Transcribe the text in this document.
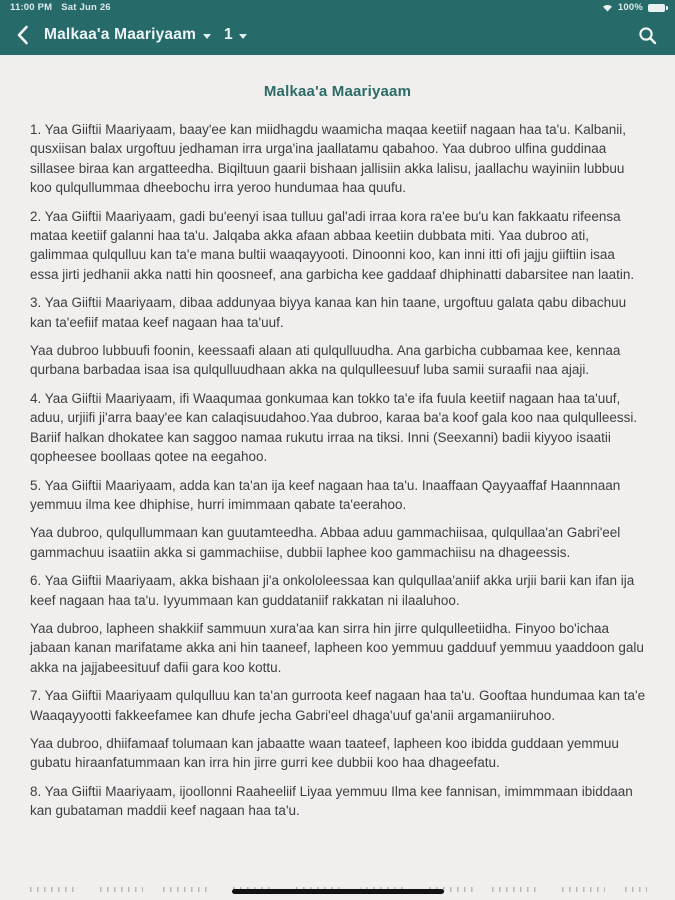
11:00 PM Sat Jun 26	100%
Malkaa'a Maariyaam 1
Malkaa'a Maariyaam

1. Yaa Giiftii Maariyaam, baay'ee kan miidhagdu waamicha maqaa keetiif nagaan haa ta'u. Kalbanii, qusxiisan balax urgoftuu jedhaman irra urga'ina jaallatamu qabahoo. Yaa dubroo ulfina guddinaa sillasee biraa kan argatteedha. Biqiltuun gaarii bishaan jallisiin akka lalisu, jaallachu wayiniin lubbuu koo qulqullummaa dheebochu irra yeroo hundumaa haa quufu.

2. Yaa Giiftii Maariyaam, gadi bu'eenyi isaa tulluu gal'adi irraa kora ra'ee bu'u kan fakkaatu rifeensa mataa keetiif galanni haa ta'u. Jalqaba akka afaan abbaa keetiin dubbata miti. Yaa dubroo ati, galimmaa qulqulluu kan ta'e mana bultii waaqayyooti. Dinoonni koo, kan inni itti ofi jajju giiftiin isaa essa jirti jedhanii akka natti hin qoosneef, ana garbicha kee gaddaaf dhiphinatti dabarsitee nan laatin.

3. Yaa Giiftii Maariyaam, dibaa addunyaa biyya kanaa kan hin taane, urgoftuu galata qabu dibachuu kan ta'eefiif mataa keef nagaan haa ta'uuf.

Yaa dubroo lubbuufi foonin, keessaafi alaan ati qulqulluudha. Ana garbicha cubbamaa kee, kennaa qurbana barbadaa isaa isa qulqulluudhaan akka na qulqulleesuuf luba samii suraafii naa ajaji.

4. Yaa Giiftii Maariyaam, ifi Waaqumaa gonkumaa kan tokko ta'e ifa fuula keetiif nagaan haa ta'uuf, aduu, urjiifi ji'arra baay'ee kan calaqisuudahoo.Yaa dubroo, karaa ba'a koof gala koo naa qulqulleessi. Bariif halkan dhokatee kan saggoo namaa rukutu irraa na tiksi. Inni (Seexanni) badii kiyyoo isaatii qopheesee boollaas qotee na eegahoo.

5. Yaa Giiftii Maariyaam, adda kan ta'an ija keef nagaan haa ta'u. Inaaffaan Qayyaaffaf Haannnaan yemmuu ilma kee dhiphise, hurri imimmaan qabate ta'eerahoo.

Yaa dubroo, qulqullummaan kan guutamteedha. Abbaa aduu gammachiisaa, qulqullaa'an Gabri'eel gammachuu isaatiin akka si gammachiise, dubbii laphee koo gammachiisu na dhageessis.

6. Yaa Giiftii Maariyaam, akka bishaan ji'a onkololeessaa kan qulqullaa'aniif akka urjii barii kan ifan ija keef nagaan haa ta'u. Iyyummaan kan guddataniif rakkatan ni ilaaluhoo.

Yaa dubroo, lapheen shakkiif sammuun xura'aa kan sirra hin jirre qulqulleetiidha. Finyoo bo'ichaa jabaan kanan marifatame akka ani hin taaneef, lapheen koo yemmuu gadduuf yemmuu yaaddoon galu akka na jajjabeesituuf dafii gara koo kottu.

7. Yaa Giiftii Maariyaam qulqulluu kan ta'an gurroota keef nagaan haa ta'u. Gooftaa hundumaa kan ta'e Waaqayyootti fakkeefamee kan dhufe jecha Gabri'eel dhaga'uuf ga'anii argamaniiruhoo.

Yaa dubroo, dhiifamaaf tolumaan kan jabaatte waan taateef, lapheen koo ibidda guddaan yemmuu gubatu hiraanfatummaan kan irra hin jirre gurri kee dubbii koo haa dhageefatu.

8. Yaa Giiftii Maariyaam, ijoollonni Raaheeliif Liyaa yemmuu Ilma kee fannisan, imimmmaan ibiddaan kan gubataman maddii keef nagaan haa ta'u.
